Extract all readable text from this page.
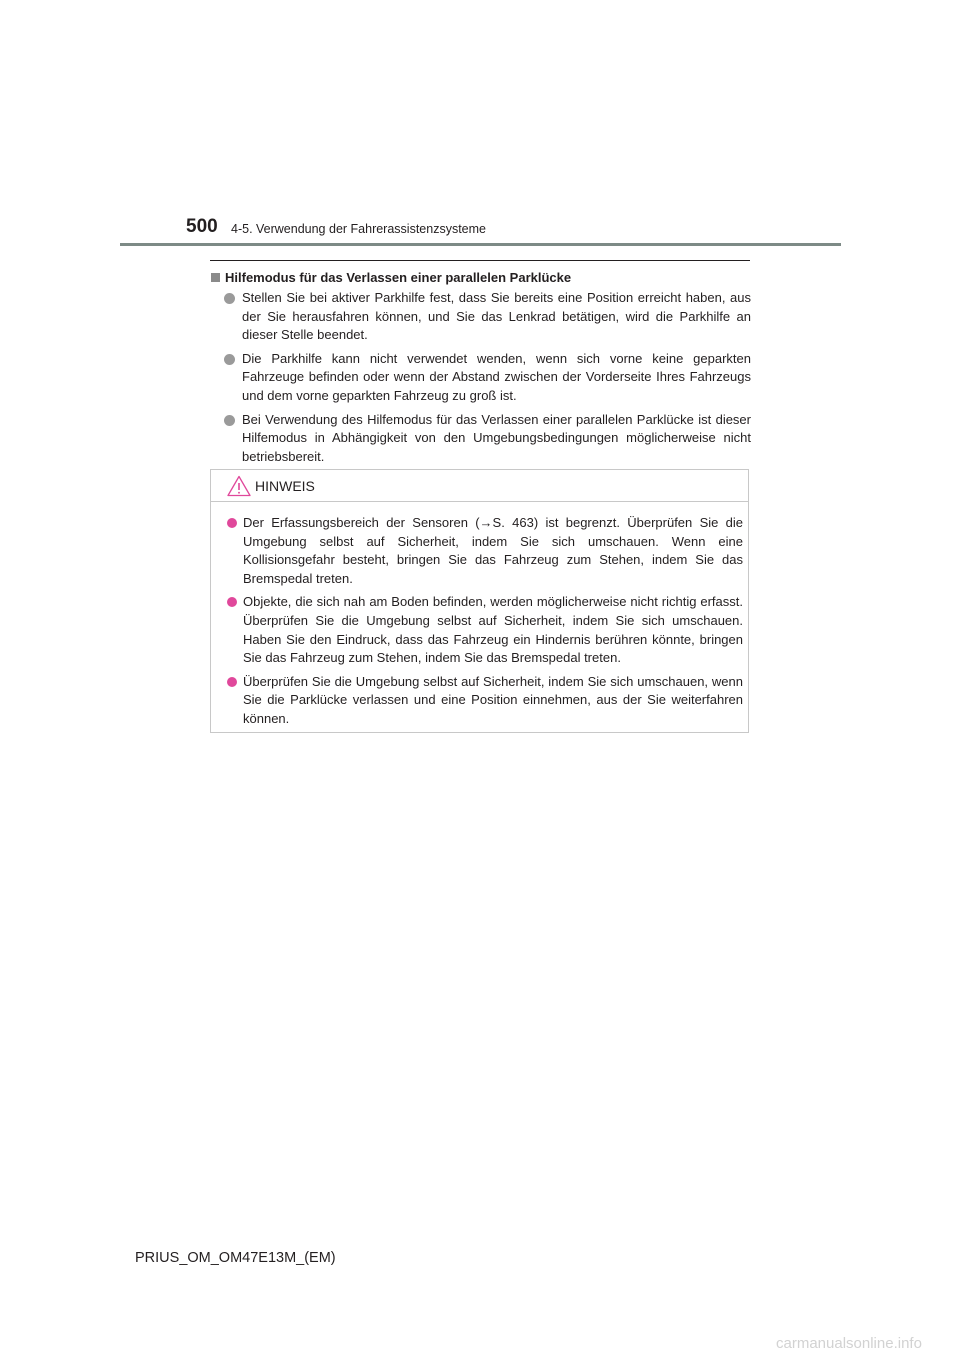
500 4-5. Verwendung der Fahrerassistenzsysteme
Hilfemodus für das Verlassen einer parallelen Parklücke
Stellen Sie bei aktiver Parkhilfe fest, dass Sie bereits eine Position erreicht haben, aus der Sie herausfahren können, und Sie das Lenkrad betätigen, wird die Parkhilfe an dieser Stelle beendet.
Die Parkhilfe kann nicht verwendet wenden, wenn sich vorne keine geparkten Fahrzeuge befinden oder wenn der Abstand zwischen der Vorderseite Ihres Fahrzeugs und dem vorne geparkten Fahrzeug zu groß ist.
Bei Verwendung des Hilfemodus für das Verlassen einer parallelen Parklücke ist dieser Hilfemodus in Abhängigkeit von den Umgebungsbedingungen möglicherweise nicht betriebsbereit.
HINWEIS
Der Erfassungsbereich der Sensoren (→S. 463) ist begrenzt. Überprüfen Sie die Umgebung selbst auf Sicherheit, indem Sie sich umschauen. Wenn eine Kollisionsgefahr besteht, bringen Sie das Fahrzeug zum Stehen, indem Sie das Bremspedal treten.
Objekte, die sich nah am Boden befinden, werden möglicherweise nicht richtig erfasst. Überprüfen Sie die Umgebung selbst auf Sicherheit, indem Sie sich umschauen. Haben Sie den Eindruck, dass das Fahrzeug ein Hindernis berühren könnte, bringen Sie das Fahrzeug zum Stehen, indem Sie das Bremspedal treten.
Überprüfen Sie die Umgebung selbst auf Sicherheit, indem Sie sich umschauen, wenn Sie die Parklücke verlassen und eine Position einnehmen, aus der Sie weiterfahren können.
PRIUS_OM_OM47E13M_(EM)
carmanualsonline.info
